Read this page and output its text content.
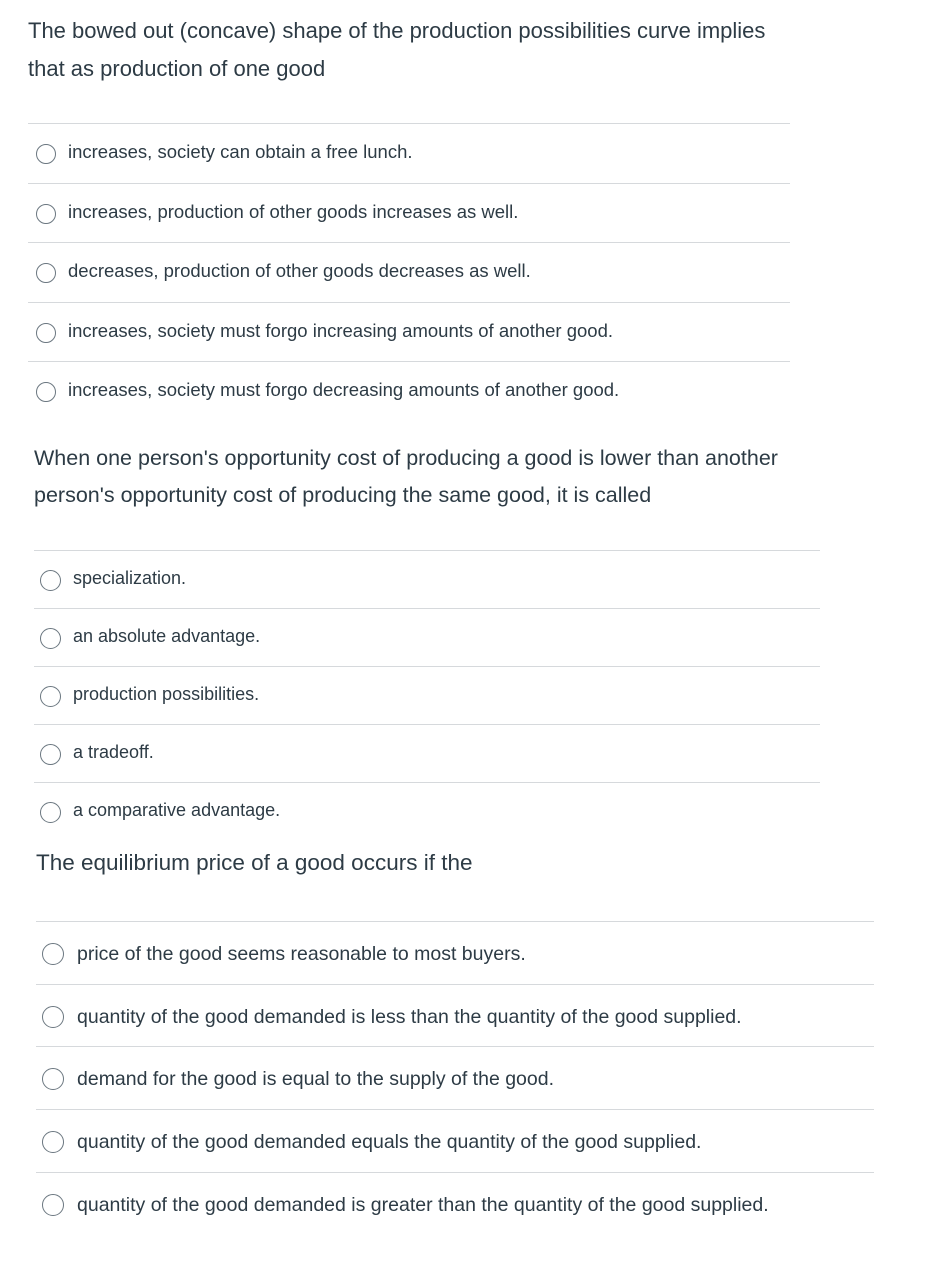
The bowed out (concave) shape of the production possibilities curve implies that as production of one good

increases, society can obtain a free lunch.
increases, production of other goods increases as well.
decreases, production of other goods decreases as well.
increases, society must forgo increasing amounts of another good.
increases, society must forgo decreasing amounts of another good.

When one person's opportunity cost of producing a good is lower than another person's opportunity cost of producing the same good, it is called

specialization.
an absolute advantage.
production possibilities.
a tradeoff.
a comparative advantage.

The equilibrium price of a good occurs if the

price of the good seems reasonable to most buyers.
quantity of the good demanded is less than the quantity of the good supplied.
demand for the good is equal to the supply of the good.
quantity of the good demanded equals the quantity of the good supplied.
quantity of the good demanded is greater than the quantity of the good supplied.
